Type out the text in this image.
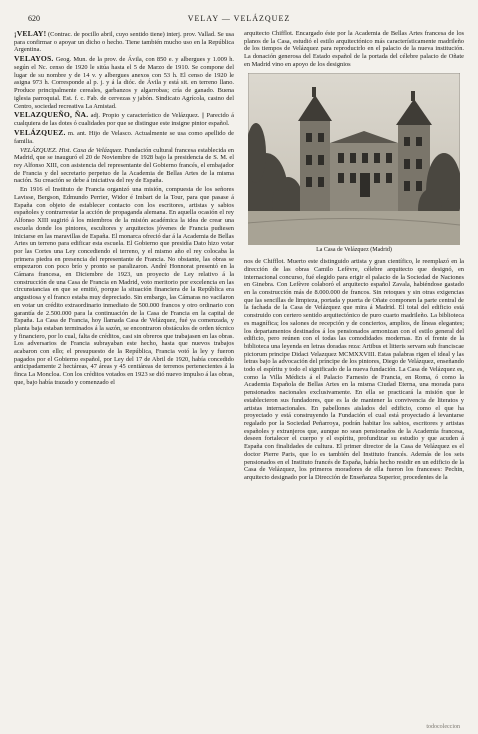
620	VELAY — VELÁZQUEZ

¡VELAY! (Contrac. de pocillo abril, cuyo sentido tiene) interj. prov. Vallad. Se usa para confirmar o apoyar un dicho o hecho. Tiene también mucho uso en la República Argentina.

VELAYOS. Geog. Mun. de la prov. de Ávila, con 850 e. y albergues y 1.009 h. según el Nc. censo de 1920 le sitúa hasta el 5 de Marzo de 1910. Se compone del lugar de su nombre y de 14 v. y albergues anexos con 53 h. El censo de 1920 le asigna 973 h. Corresponde al p. j. y á la dióc. de Ávila y está sit. en terreno llano. Produce principalmente cereales, garbanzos y algarrobas; cría de ganado. Buena iglesia parroquial. Est. f. c. Fab. de cervezas y jabón. Sindicato Agrícola, casino del Centro, sociedad recreativa La Amistad.

VELAZQUEÑO, ÑA. adj. Propio y característico de Velázquez. || Parecido á cualquiera de las dotes ó cualidades por que se distingue este insigne pintor español.

VELÁZQUEZ. m. ant. Hijo de Velasco. Actualmente se usa como apellido de familia.

VELÁZQUEZ. Hist. Casa de Velázquez. Fundación cultural francesa establecida en Madrid, que se inauguró el 20 de Noviembre de 1928 bajo la presidencia de S. M. el rey Alfonso XIII, con asistencia del representante del Gobierno francés, el embajador de Francia y del secretario perpetuo de la Academia de Bellas Artes de la misma nación. Su creación se debe á iniciativa del rey de España.

En 1916 el Instituto de Francia organizó una misión, compuesta de los señores Lavisse, Bergson, Edmundo Perrier, Widor é Imbart de la Tour, para que pasase á España con objeto de establecer contacto con los escritores, artistas y sabios españoles y contrarrestar la acción de propaganda alemana. En aquella ocasión el rey Alfonso XIII sugirió á los miembros de la misión académica la idea de crear una escuela donde los pintores, escultores y arquitectos jóvenes de Francia pudiesen iniciarse en las maravillas de España. El monarca ofreció dar á la Academia de Bellas Artes un terreno para edificar esta escuela. El Gobierno que presidía Dato hizo votar por las Cortes una Ley concediendo el terreno, y el mismo año el rey colocaba la primera piedra en presencia del representante de Francia. No obstante, las obras se empezaron con poco brío y pronto se paralizaron. André Honnorat presentó en la Cámara francesa, en Diciembre de 1923, un proyecto de Ley relativo á la construcción de una Casa de Francia en Madrid, voto meritorio por excelencia en las circunstancias en que se emitió, porque la situación financiera de la República era angustiosa y el franco estaba muy depreciado. Sin embargo, las Cámaras no vacilaron en votar un crédito extraordinario inmediato de 500.000 francos y otro ordinario con garantía de 2.500.000 para la continuación de la Casa de Francia en la capital de España. La Casa de Francia, hoy llamada Casa de Velázquez, fué ya comenzada, y planta baja estaban terminados á la sazón, se encontraron obstáculos de orden técnico y financiero, por lo cual, falta de créditos, casi sin obreros que trabajasen en las obras. Los adversarios de Francia subrayaban este hecho, hasta que nuevos trabajos acabaron con ello; el presupuesto de la República, Francia votó la ley y fueron pagados por el Gobierno español, por Ley del 17 de Abril de 1920, había concedido anticipadamente 2 hectáreas, 47 áreas y 45 centiáreas de terrenos pertenecientes á la finca La Moncloa. Con los créditos votados en 1923 se dió nuevo impulso á las obras, que, bajo había trazado y comenzado el

arquitecto Chifflot. Encargado éste por la Academia de Bellas Artes francesa de los planos de la Casa, estudió el estilo arquitectónico más característicamente madrileño de los tiempos de Velázquez para reproducirlo en el palacio de la nueva institución. La donación generosa del Estado español de la portada del célebre palacio de Oñate en Madrid vino en apoyo de los designios

La Casa de Velázquez (Madrid)

nos de Chifflot. Muerto este distinguido artista y gran científico, le reemplazó en la dirección de las obras Camilo Lefèvre, célebre arquitecto que designó, en internacional concurso, fué elegido para erigir el palacio de la Sociedad de Naciones en Ginebra. Con Lefèvre colaboró el arquitecto español Zavala, habiéndose gastado en la construcción más de 8.000.000 de francos. Sin retoques y sin otras exigencias que las sencillas de limpieza, portada y puerta de Oñate componen la parte central de la fachada de la Casa de Velázquez que mira á Madrid. El total del edificio está construido con certero sentido arquitectónico de puro cuarto madrileño. La biblioteca es magnífica; los salones de recepción y de conciertos, amplios, de líneas elegantes; los departamentos destinados á los pensionados armonizan con el estilo general del edificio, pero reúnen con el todas las comodidades modernas. En el frente de la biblioteca una leyenda en letras doradas reza: Artibus et litteris servam sub franciscae pictorum principe Didaci Velazquez MCMXXVIII. Estas palabras rigen el ideal y las letras bajo la advocación del príncipe de los pintores, Diego de Velázquez, enseñando todo el espíritu y todo el significado de la nueva fundación. La Casa de Velázquez es, como la Villa Médicis á el Palacio Farnesio de Francia, en Roma, ó como la Academia Española de Bellas Artes en la misma Ciudad Eterna, una morada para pensionados nacionales exclusivamente. En ella se practicará la misión que le establecieron sus fundadores, que es la de mantener la convivencia de literatos y artistas internacionales. En pabellones aislados del edificio, como el que ha proyectado y está construyendo la Fundación el cual está proyectado á levantarse regalado por la Sociedad Peñarroya, podrán habitar los sabios, escritores y artistas españoles y extranjeros que, aunque no sean pensionados de la Academia francesa, deseen fortalecer el cuerpo y el espíritu, profundizar su estudio y que acuden á España con finalidades de cultura. El primer director de la Casa de Velázquez es el doctor Pierre Paris, que lo es también del Instituto francés. Además de los seis pensionados en el Instituto francés de España, había hecho residir en un edificio de la Casa de Velázquez, los primeros moradores de ella fueron los franceses: Pechin, arquitecto designado por la Dirección de Enseñanza Superior, procedentes de la

todocoleccion
